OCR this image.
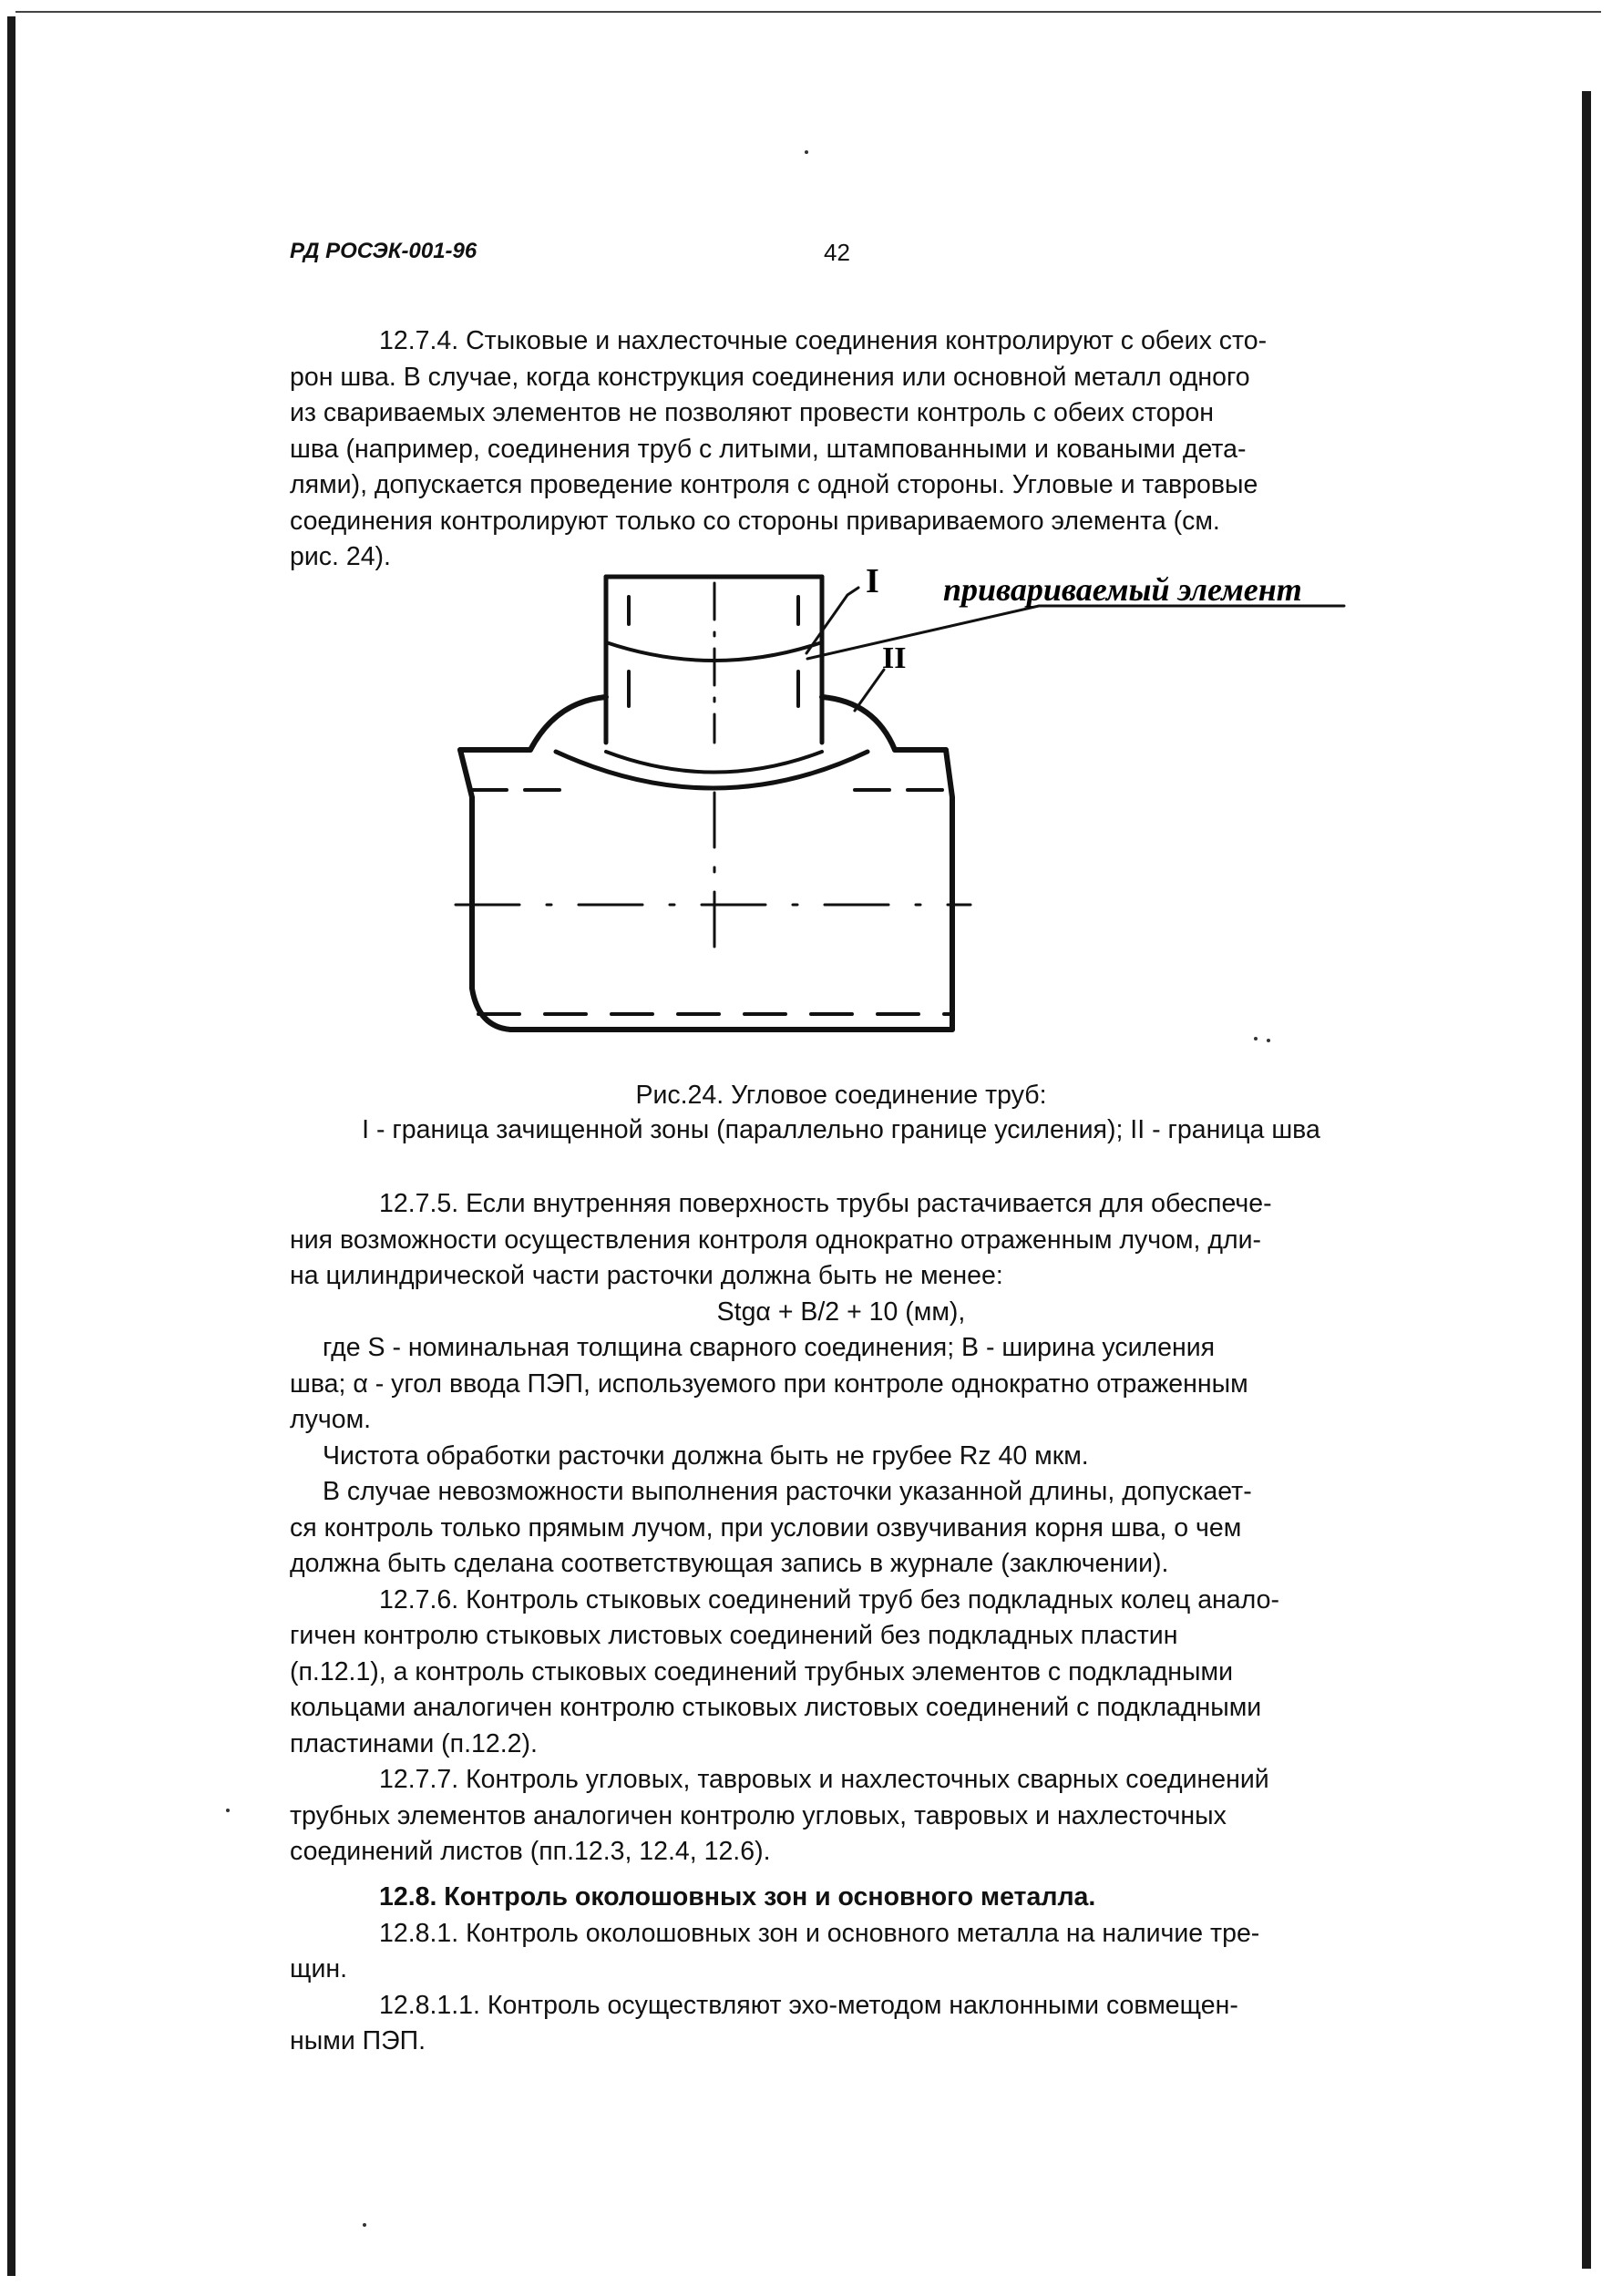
РД РОСЭК-001-96	42

12.7.4. Стыковые и нахлесточные соединения контролируют с обеих сто-

рон шва. В случае, когда конструкция соединения или основной металл одного

из свариваемых элементов не позволяют провести контроль с обеих сторон

шва (например, соединения труб с литыми, штампованными и коваными дета-

лями), допускается проведение контроля с одной стороны. Угловые и тавровые

соединения контролируют только со стороны привариваемого элемента (см.

рис. 24).

I
II
привариваемый элемент
Рис.24. Угловое соединение труб:
I - граница зачищенной зоны (параллельно границе усиления); II - граница шва

12.7.5. Если внутренняя поверхность трубы растачивается для обеспече-

ния возможности осуществления контроля однократно отраженным лучом, дли-

на цилиндрической части расточки должна быть не менее:

Stgα + B/2 + 10 (мм),

где S - номинальная толщина сварного соединения; B - ширина усиления

шва; α - угол ввода ПЭП, используемого при контроле однократно отраженным

лучом.

Чистота обработки расточки должна быть не грубее Rz 40 мкм.

В случае невозможности выполнения расточки указанной длины, допускает-

ся контроль только прямым лучом, при условии озвучивания корня шва, о чем

должна быть сделана соответствующая запись в журнале (заключении).

12.7.6. Контроль стыковых соединений труб без подкладных колец анало-

гичен контролю стыковых листовых соединений без подкладных пластин

(п.12.1), а контроль стыковых соединений трубных элементов с подкладными

кольцами аналогичен контролю стыковых листовых соединений с подкладными

пластинами (п.12.2).

12.7.7. Контроль угловых, тавровых и нахлесточных сварных соединений

трубных элементов аналогичен контролю угловых, тавровых и нахлесточных

соединений листов (пп.12.3, 12.4, 12.6).

12.8. Контроль околошовных зон и основного металла.

12.8.1. Контроль околошовных зон и основного металла на наличие тре-

щин.

12.8.1.1. Контроль осуществляют эхо-методом наклонными совмещен-

ными ПЭП.
